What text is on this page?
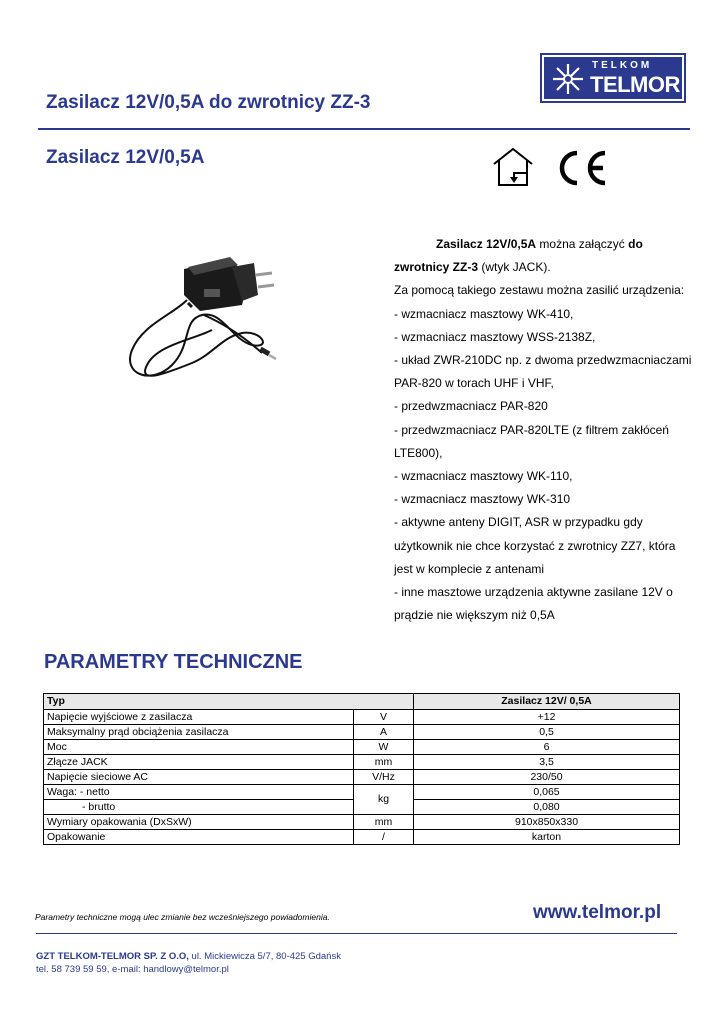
TELKOM
TELMOR
Zasilacz 12V/0,5A do zwrotnicy ZZ-3
Zasilacz 12V/0,5A

Zasilacz 12V/0,5A można załączyć do zwrotnicy ZZ-3 (wtyk JACK).

Za pomocą takiego zestawu można zasilić urządzenia:

- wzmacniacz masztowy WK-410,

- wzmacniacz masztowy WSS-2138Z,

- układ ZWR-210DC np. z dwoma przedwzmacniaczami PAR-820 w torach UHF i VHF,

- przedwzmacniacz PAR-820

- przedwzmacniacz PAR-820LTE (z filtrem zakłóceń LTE800),

- wzmacniacz masztowy WK-110,

- wzmacniacz masztowy WK-310

- aktywne anteny DIGIT, ASR w przypadku gdy użytkownik nie chce korzystać z zwrotnicy ZZ7, która jest w komplecie z antenami

- inne masztowe urządzenia aktywne zasilane 12V o prądzie nie większym niż 0,5A

PARAMETRY TECHNICZNE
Typ		Zasilacz 12V/ 0,5A
Napięcie wyjściowe z zasilacza	V	+12
Maksymalny prąd obciążenia zasilacza	A	0,5
Moc	W	6
Złącze JACK	mm	3,5
Napięcie sieciowe AC	V/Hz	230/50
Waga: - netto	kg	0,065
- brutto		0,080
Wymiary opakowania (DxSxW)	mm	910x850x330
Opakowanie	/	karton
Parametry techniczne mogą ulec zmianie bez wcześniejszego powiadomienia.	www.telmor.pl
GZT TELKOM-TELMOR SP. Z O.O, ul. Mickiewicza 5/7, 80-425 Gdańsk
tel. 58 739 59 59, e-mail: handlowy@telmor.pl
